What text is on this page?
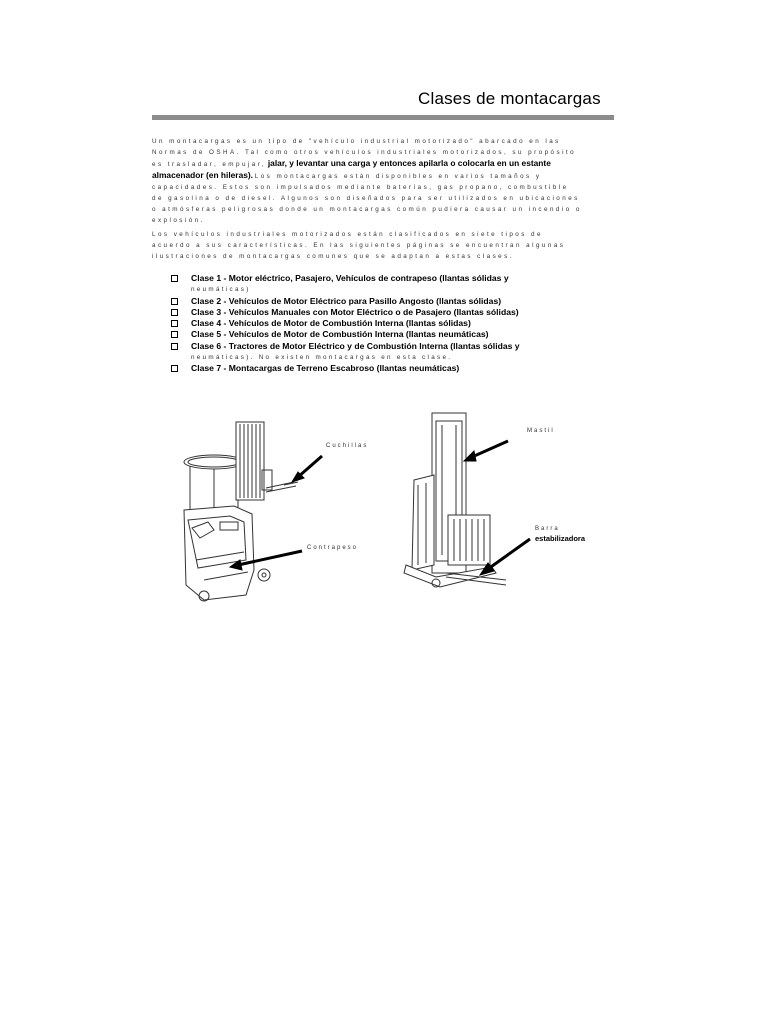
Clases de montacargas
Un montacargas es un tipo de "vehículo industrial motorizado" abarcado en las Normas de OSHA. Tal como otros vehículos industriales motorizados, su propósito es trasladar, empujar, jalar, y levantar una carga y entonces apilarla o colocarla en un estante almacenador (en hileras). Los montacargas están disponibles en varios tamaños y capacidades. Estos son impulsados mediante baterías, gas propano, combustible de gasolina o de diesel. Algunos son diseñados para ser utilizados en ubicaciones o atmósferas peligrosas donde un montacargas común pudiera causar un incendio o explosión.
Los vehículos industriales motorizados están clasificados en siete tipos de acuerdo a sus características. En las siguientes páginas se encuentran algunas ilustraciones de montacargas comunes que se adaptan a estas clases.
Clase 1 - Motor eléctrico, Pasajero, Vehículos de contrapeso (llantas sólidas y
neumáticas)
Clase 2 - Vehículos de Motor Eléctrico para Pasillo Angosto (llantas sólidas)
Clase 3 - Vehículos Manuales con Motor Eléctrico o de Pasajero (llantas sólidas)
Clase 4 - Vehículos de Motor de Combustión Interna (llantas sólidas)
Clase 5 - Vehículos de Motor de Combustión Interna (llantas neumáticas)
Clase 6 - Tractores de Motor Eléctrico y de Combustión Interna (llantas sólidas y
neumáticas). No existen montacargas en esta clase.
Clase 7 - Montacargas de Terreno Escabroso (llantas neumáticas)
Cuchillas
Contrapeso
Mastil
Barra
estabilizadora
